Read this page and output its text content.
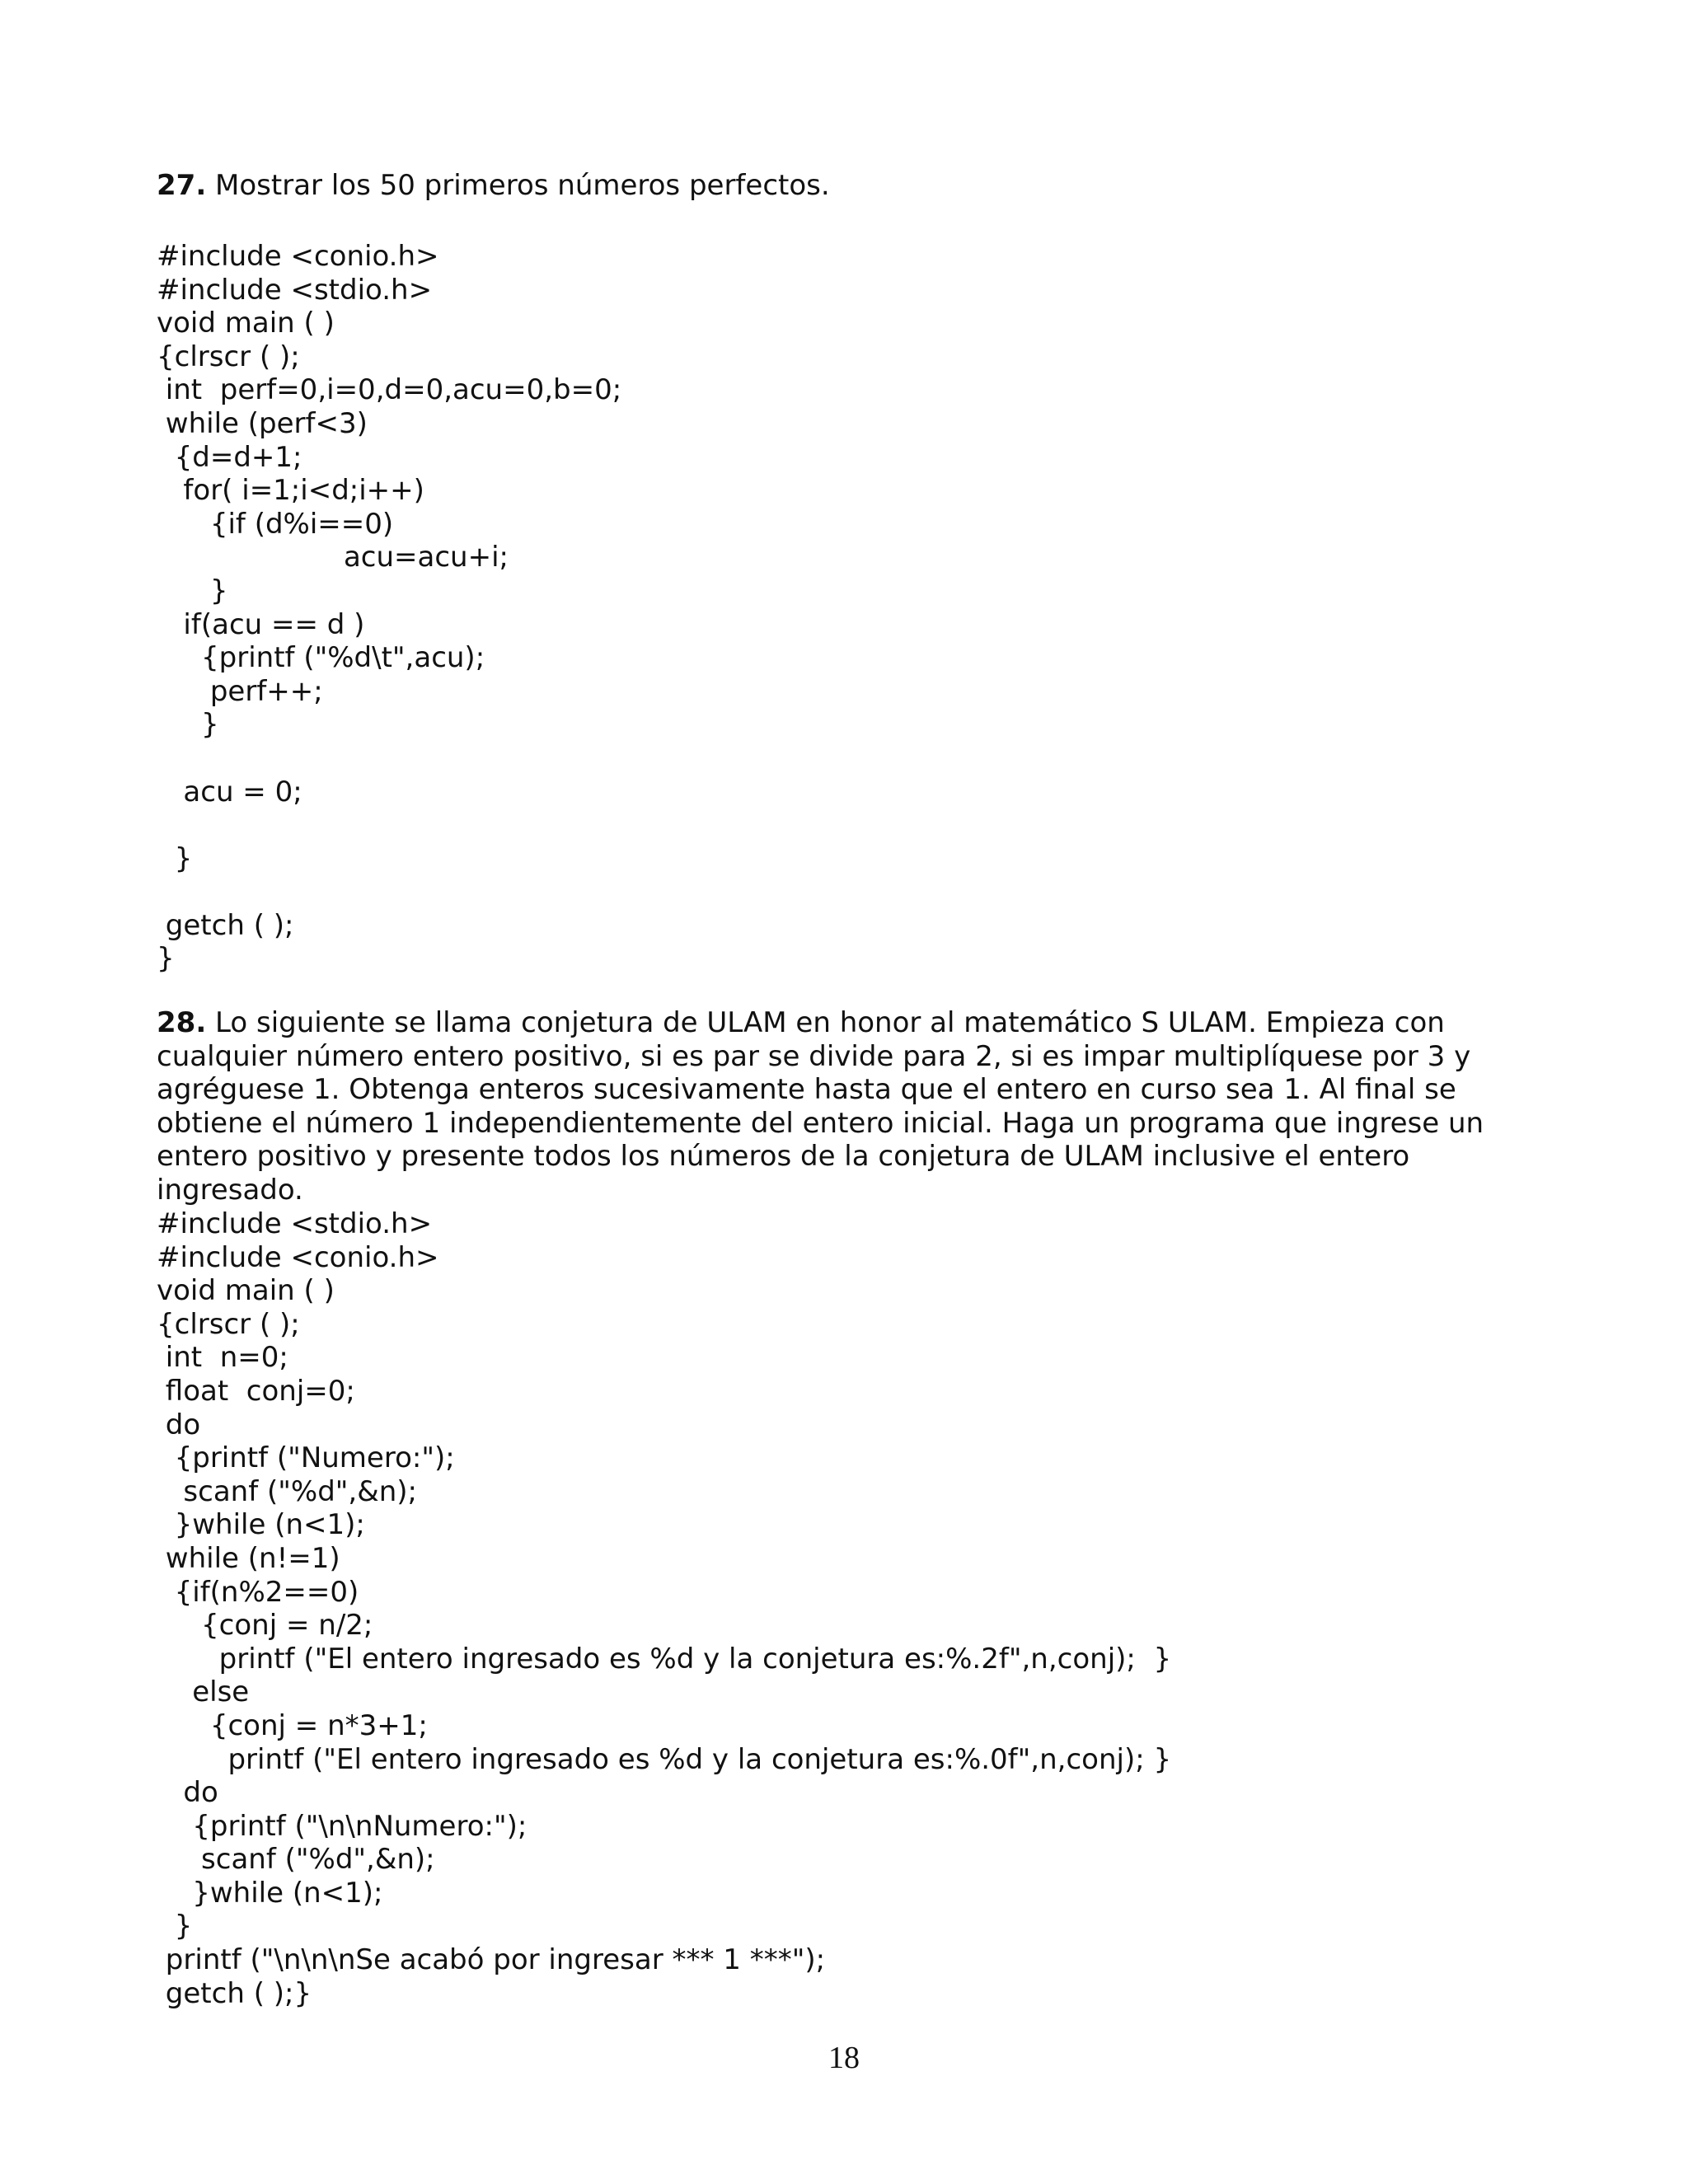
27. Mostrar los 50 primeros números perfectos.

#include <conio.h>
#include <stdio.h>
void main ( )
{clrscr ( );
int  perf=0,i=0,d=0,acu=0,b=0;
while (perf<3)
{d=d+1;
for( i=1;i<d;i++)
{if (d%i==0)
acu=acu+i;
}
if(acu == d )
{printf ("%d\t",acu);
perf++;
}

acu = 0;

}

getch ( );
}

28. Lo siguiente se llama conjetura de ULAM en honor al matemático S ULAM. Empieza con cualquier número entero positivo, si es par se divide para 2, si es impar multiplíquese por 3 y agréguese 1. Obtenga enteros sucesivamente hasta que el entero en curso sea 1. Al final se obtiene el número 1 independientemente del entero inicial. Haga un programa que ingrese un entero positivo y presente todos los números de la conjetura de ULAM inclusive el entero ingresado.

#include <stdio.h>
#include <conio.h>
void main ( )
{clrscr ( );
int  n=0;
float  conj=0;
do
{printf ("Numero:");
scanf ("%d",&n);
}while (n<1);
while (n!=1)
{if(n%2==0)
{conj = n/2;
printf ("El entero ingresado es %d y la conjetura es:%.2f",n,conj);  }
else
{conj = n*3+1;
printf ("El entero ingresado es %d y la conjetura es:%.0f",n,conj); }
do
{printf ("\n\nNumero:");
scanf ("%d",&n);
}while (n<1);
}
printf ("\n\n\nSe acabó por ingresar *** 1 ***");
getch ( );}
18
